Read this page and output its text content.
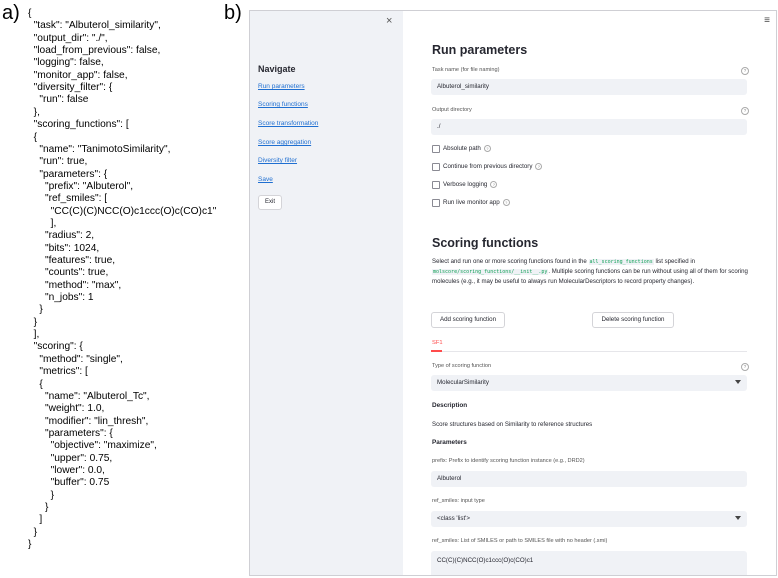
a)	b)
{
"task": "Albuterol_similarity",
"output_dir": "./",
"load_from_previous": false,
"logging": false,
"monitor_app": false,
"diversity_filter": {
"run": false
},
"scoring_functions": [
{
"name": "TanimotoSimilarity",
"run": true,
"parameters": {
"prefix": "Albuterol",
"ref_smiles": [
"CC(C)(C)NCC(O)c1ccc(O)c(CO)c1"
],
"radius": 2,
"bits": 1024,
"features": true,
"counts": true,
"method": "max",
"n_jobs": 1
}
}
],
"scoring": {
"method": "single",
"metrics": [
{
"name": "Albuterol_Tc",
"weight": 1.0,
"modifier": "lin_thresh",
"parameters": {
"objective": "maximize",
"upper": 0.75,
"lower": 0.0,
"buffer": 0.75
}
}
]
}
}
×
Navigate
Run parameters
Scoring functions
Score transformation
Score aggregation
Diversity filter
Save
Exit
≡
Run parameters
Task name (for file naming)	?
Albuterol_similarity
Output directory	?
./
Absolute path ?
Continue from previous directory ?
Verbose logging ?
Run live monitor app ?
Scoring functions
Select and run one or more scoring functions found in the all_scoring_functions list specified in molscore/scoring_functions/__init__.py. Multiple scoring functions can be run without using all of them for scoring molecules (e.g., it may be useful to always run MolecularDescriptors to record property changes).
Add scoring function	Delete scoring function
SF1
Type of scoring function	?
MolecularSimilarity
Description
Score structures based on Similarity to reference structures
Parameters
prefix: Prefix to identify scoring function instance (e.g., DRD2)
Albuterol
ref_smiles: input type
<class 'list'>
ref_smiles: List of SMILES or path to SMILES file with no header (.smi)
CC(C)(C)NCC(O)c1ccc(O)c(CO)c1
